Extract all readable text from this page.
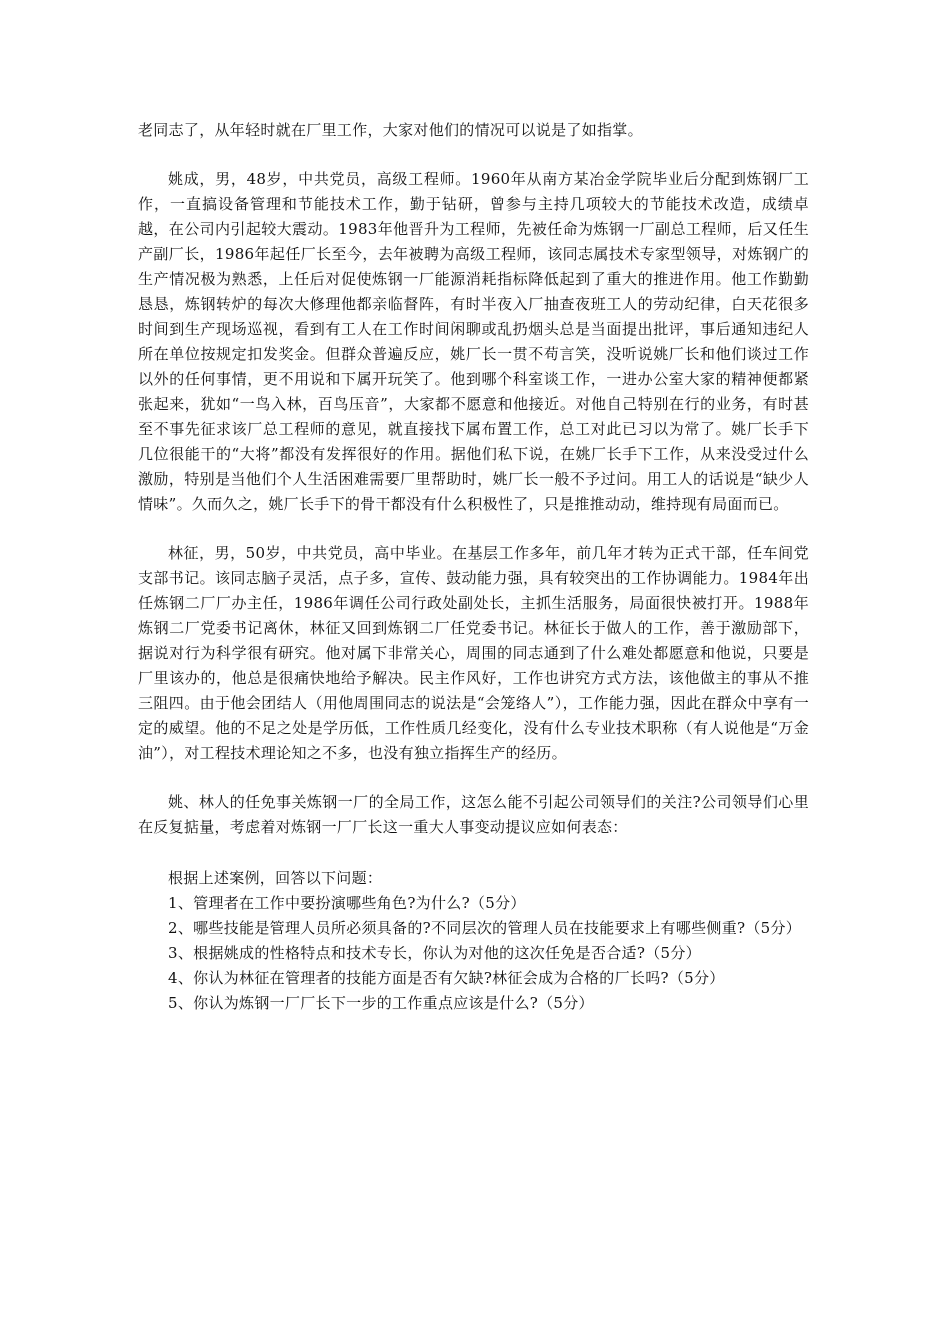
老同志了，从年轻时就在厂里工作，大家对他们的情况可以说是了如指掌。

姚成，男，48岁，中共党员，高级工程师。1960年从南方某冶金学院毕业后分配到炼钢厂工作，一直搞设备管理和节能技术工作，勤于钻研，曾参与主持几项较大的节能技术改造，成绩卓越，在公司内引起较大震动。1983年他晋升为工程师，先被任命为炼钢一厂副总工程师，后又任生产副厂长，1986年起任厂长至今，去年被聘为高级工程师，该同志属技术专家型领导，对炼钢广的生产情况极为熟悉，上任后对促使炼钢一厂能源消耗指标降低起到了重大的推进作用。他工作勤勤恳恳，炼钢转炉的每次大修理他都亲临督阵，有时半夜入厂抽查夜班工人的劳动纪律，白天花很多时间到生产现场巡视，看到有工人在工作时间闲聊或乱扔烟头总是当面提出批评，事后通知违纪人所在单位按规定扣发奖金。但群众普遍反应，姚厂长一贯不苟言笑，没听说姚厂长和他们谈过工作以外的任何事情，更不用说和下属开玩笑了。他到哪个科室谈工作，一进办公室大家的精神便都紧张起来，犹如“一鸟入林，百鸟压音”，大家都不愿意和他接近。对他自己特别在行的业务，有时甚至不事先征求该厂总工程师的意见，就直接找下属布置工作，总工对此已习以为常了。姚厂长手下几位很能干的“大将”都没有发挥很好的作用。据他们私下说，在姚厂长手下工作，从来没受过什么激励，特别是当他们个人生活困难需要厂里帮助时，姚厂长一般不予过问。用工人的话说是“缺少人情味”。久而久之，姚厂长手下的骨干都没有什么积极性了，只是推推动动，维持现有局面而已。

林征，男，50岁，中共党员，高中毕业。在基层工作多年，前几年才转为正式干部，任车间党支部书记。该同志脑子灵活，点子多，宣传、鼓动能力强，具有较突出的工作协调能力。1984年出任炼钢二厂厂办主任，1986年调任公司行政处副处长，主抓生活服务，局面很快被打开。1988年炼钢二厂党委书记离休，林征又回到炼钢二厂任党委书记。林征长于做人的工作，善于激励部下，据说对行为科学很有研究。他对属下非常关心，周围的同志通到了什么难处都愿意和他说，只要是厂里该办的，他总是很痛快地给予解决。民主作风好，工作也讲究方式方法，该他做主的事从不推三阻四。由于他会团结人（用他周围同志的说法是“会笼络人”），工作能力强，因此在群众中享有一定的威望。他的不足之处是学历低，工作性质几经变化，没有什么专业技术职称（有人说他是“万金油”），对工程技术理论知之不多，也没有独立指挥生产的经历。

姚、林人的任免事关炼钢一厂的全局工作，这怎么能不引起公司领导们的关注?公司领导们心里在反复掂量，考虑着对炼钢一厂厂长这一重大人事变动提议应如何表态：

根据上述案例，回答以下问题：

1、管理者在工作中要扮演哪些角色?为什么?（5分）

2、哪些技能是管理人员所必须具备的?不同层次的管理人员在技能要求上有哪些侧重?（5分）

3、根据姚成的性格特点和技术专长，你认为对他的这次任免是否合适?（5分）

4、你认为林征在管理者的技能方面是否有欠缺?林征会成为合格的厂长吗?（5分）

5、你认为炼钢一厂厂长下一步的工作重点应该是什么?（5分）
